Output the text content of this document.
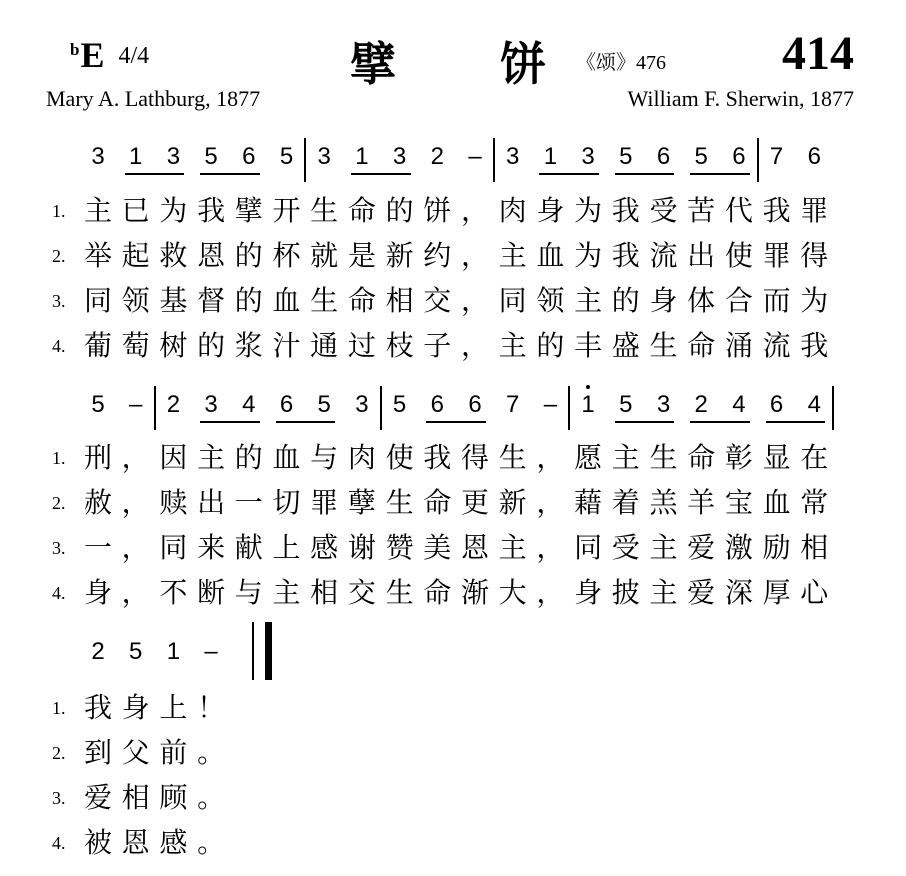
bE 4/4	擘 饼 《颂》476 414
Mary A. Lathburg, 1877	William F. Sherwin, 1877
3 1 3 5 6 5 3 1 3 2 – 3 1 3 5 6 5 6 7 6
1. 主 已 为 我 擘 开 生 命 的 饼 ， 肉 身 为 我 受 苦 代 我 罪
2. 举 起 救 恩 的 杯 就 是 新 约 ， 主 血 为 我 流 出 使 罪 得
3. 同 领 基 督 的 血 生 命 相 交 ， 同 领 主 的 身 体 合 而 为
4. 葡 萄 树 的 浆 汁 通 过 枝 子 ， 主 的 丰 盛 生 命 涌 流 我
5 – 2 3 4 6 5 3 5 6 6 7 – 1 5 3 2 4 6 4
1. 刑 ， 因 主 的 血 与 肉 使 我 得 生 ， 愿 主 生 命 彰 显 在
2. 赦 ， 赎 出 一 切 罪 孽 生 命 更 新 ， 藉 着 羔 羊 宝 血 常
3. 一 ， 同 来 献 上 感 谢 赞 美 恩 主 ， 同 受 主 爱 激 励 相
4. 身 ， 不 断 与 主 相 交 生 命 渐 大 ， 身 披 主 爱 深 厚 心
2 5 1 –
1. 我 身 上 ！
2. 到 父 前 。
3. 爱 相 顾 。
4. 被 恩 感 。
